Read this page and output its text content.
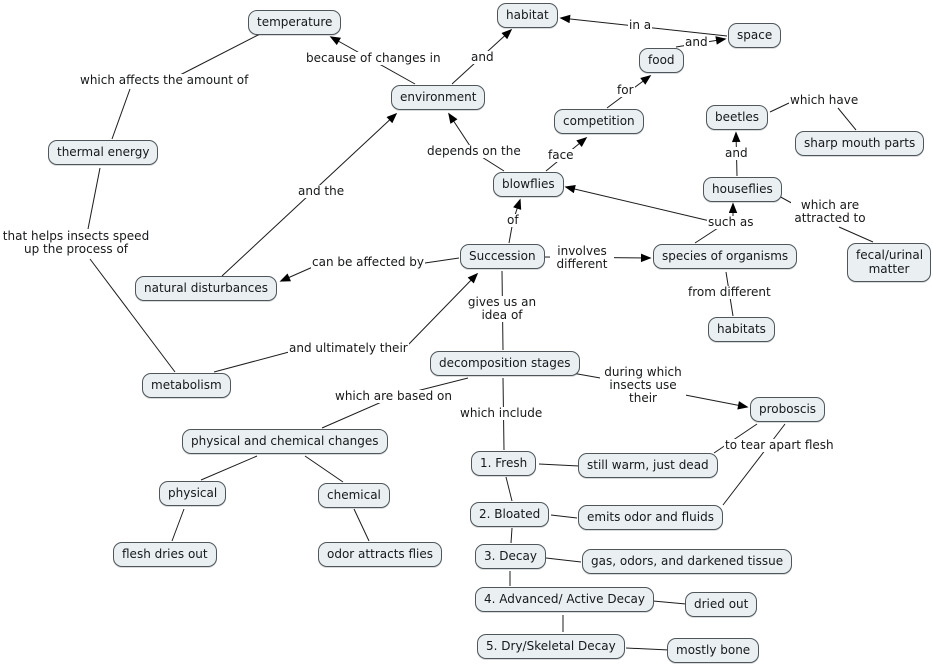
temperature	habitat
space
food
environment
competition	beetles
sharp mouth parts
thermal energy
blowflies	houseflies
fecal/urinal matter
Succession	species of organisms
natural disturbances
habitats
metabolism
decomposition stages
proboscis
physical and chemical changes
1. Fresh	still warm, just dead
physical	chemical
2. Bloated	emits odor and fluids
flesh dries out	odor attracts flies	3. Decay	gas, odors, and darkened tissue
4. Advanced/ Active Decay	dried out
5. Dry/Skeletal Decay	mostly bone
which affects the amount of
because of changes in	and
in a
and
for
which have
depends on the face	and
and the
of	such as
which are attracted to
that helps insects speed up the process of
can be affected by
involves different
from different
gives us an idea of
and ultimately their
which are based on
during which insects use their
which include
to tear apart flesh
